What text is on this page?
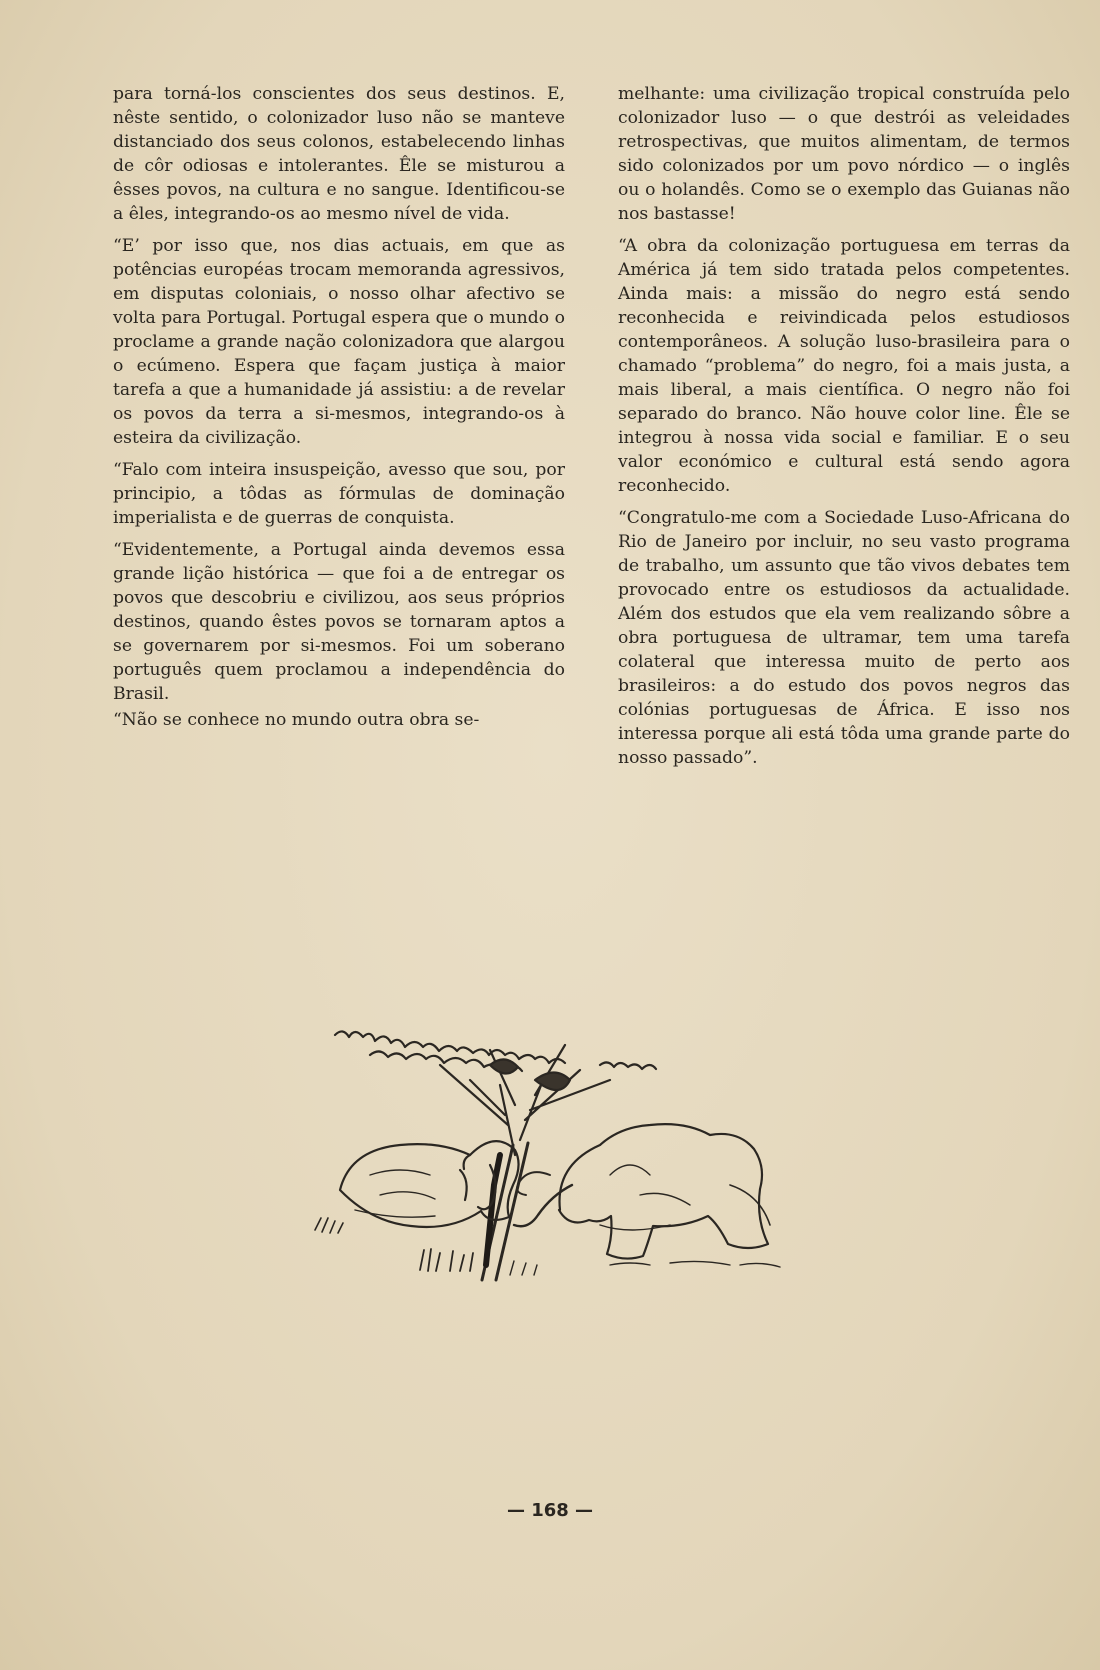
para torná-los conscientes dos seus destinos. E, nêste sentido, o colonizador luso não se manteve distanciado dos seus colonos, estabelecendo linhas de côr odiosas e intolerantes. Êle se misturou a êsses povos, na cultura e no sangue. Identificou-se a êles, integrando-os ao mesmo nível de vida.

“E’ por isso que, nos dias actuais, em que as potências européas trocam memoranda agressivos, em disputas coloniais, o nosso olhar afectivo se volta para Portugal. Portugal espera que o mundo o proclame a grande nação colonizadora que alargou o ecúmeno. Espera que façam justiça à maior tarefa a que a humanidade já assistiu: a de revelar os povos da terra a si-mesmos, integrando-os à esteira da civilização.

“Falo com inteira insuspeição, avesso que sou, por principio, a tôdas as fórmulas de dominação imperialista e de guerras de conquista.

“Evidentemente, a Portugal ainda devemos essa grande lição histórica — que foi a de entregar os povos que descobriu e civilizou, aos seus próprios destinos, quando êstes povos se tornaram aptos a se governarem por si-mesmos. Foi um soberano português quem proclamou a independência do Brasil.

“Não se conhece no mundo outra obra se-

melhante: uma civilização tropical construída pelo colonizador luso — o que destrói as veleidades retrospectivas, que muitos alimentam, de termos sido colonizados por um povo nórdico — o inglês ou o holandês. Como se o exemplo das Guianas não nos bastasse!

“A obra da colonização portuguesa em terras da América já tem sido tratada pelos competentes. Ainda mais: a missão do negro está sendo reconhecida e reivindicada pelos estudiosos contemporâneos. A solução luso-brasileira para o chamado “problema” do negro, foi a mais justa, a mais liberal, a mais científica. O negro não foi separado do branco. Não houve color line. Êle se integrou à nossa vida social e familiar. E o seu valor económico e cultural está sendo agora reconhecido.

“Congratulo-me com a Sociedade Luso-Africana do Rio de Janeiro por incluir, no seu vasto programa de trabalho, um assunto que tão vivos debates tem provocado entre os estudiosos da actualidade. Além dos estudos que ela vem realizando sôbre a obra portuguesa de ultramar, tem uma tarefa colateral que interessa muito de perto aos brasileiros: a do estudo dos povos negros das colónias portuguesas de África. E isso nos interessa porque ali está tôda uma grande parte do nosso passado”.

— 168 —
